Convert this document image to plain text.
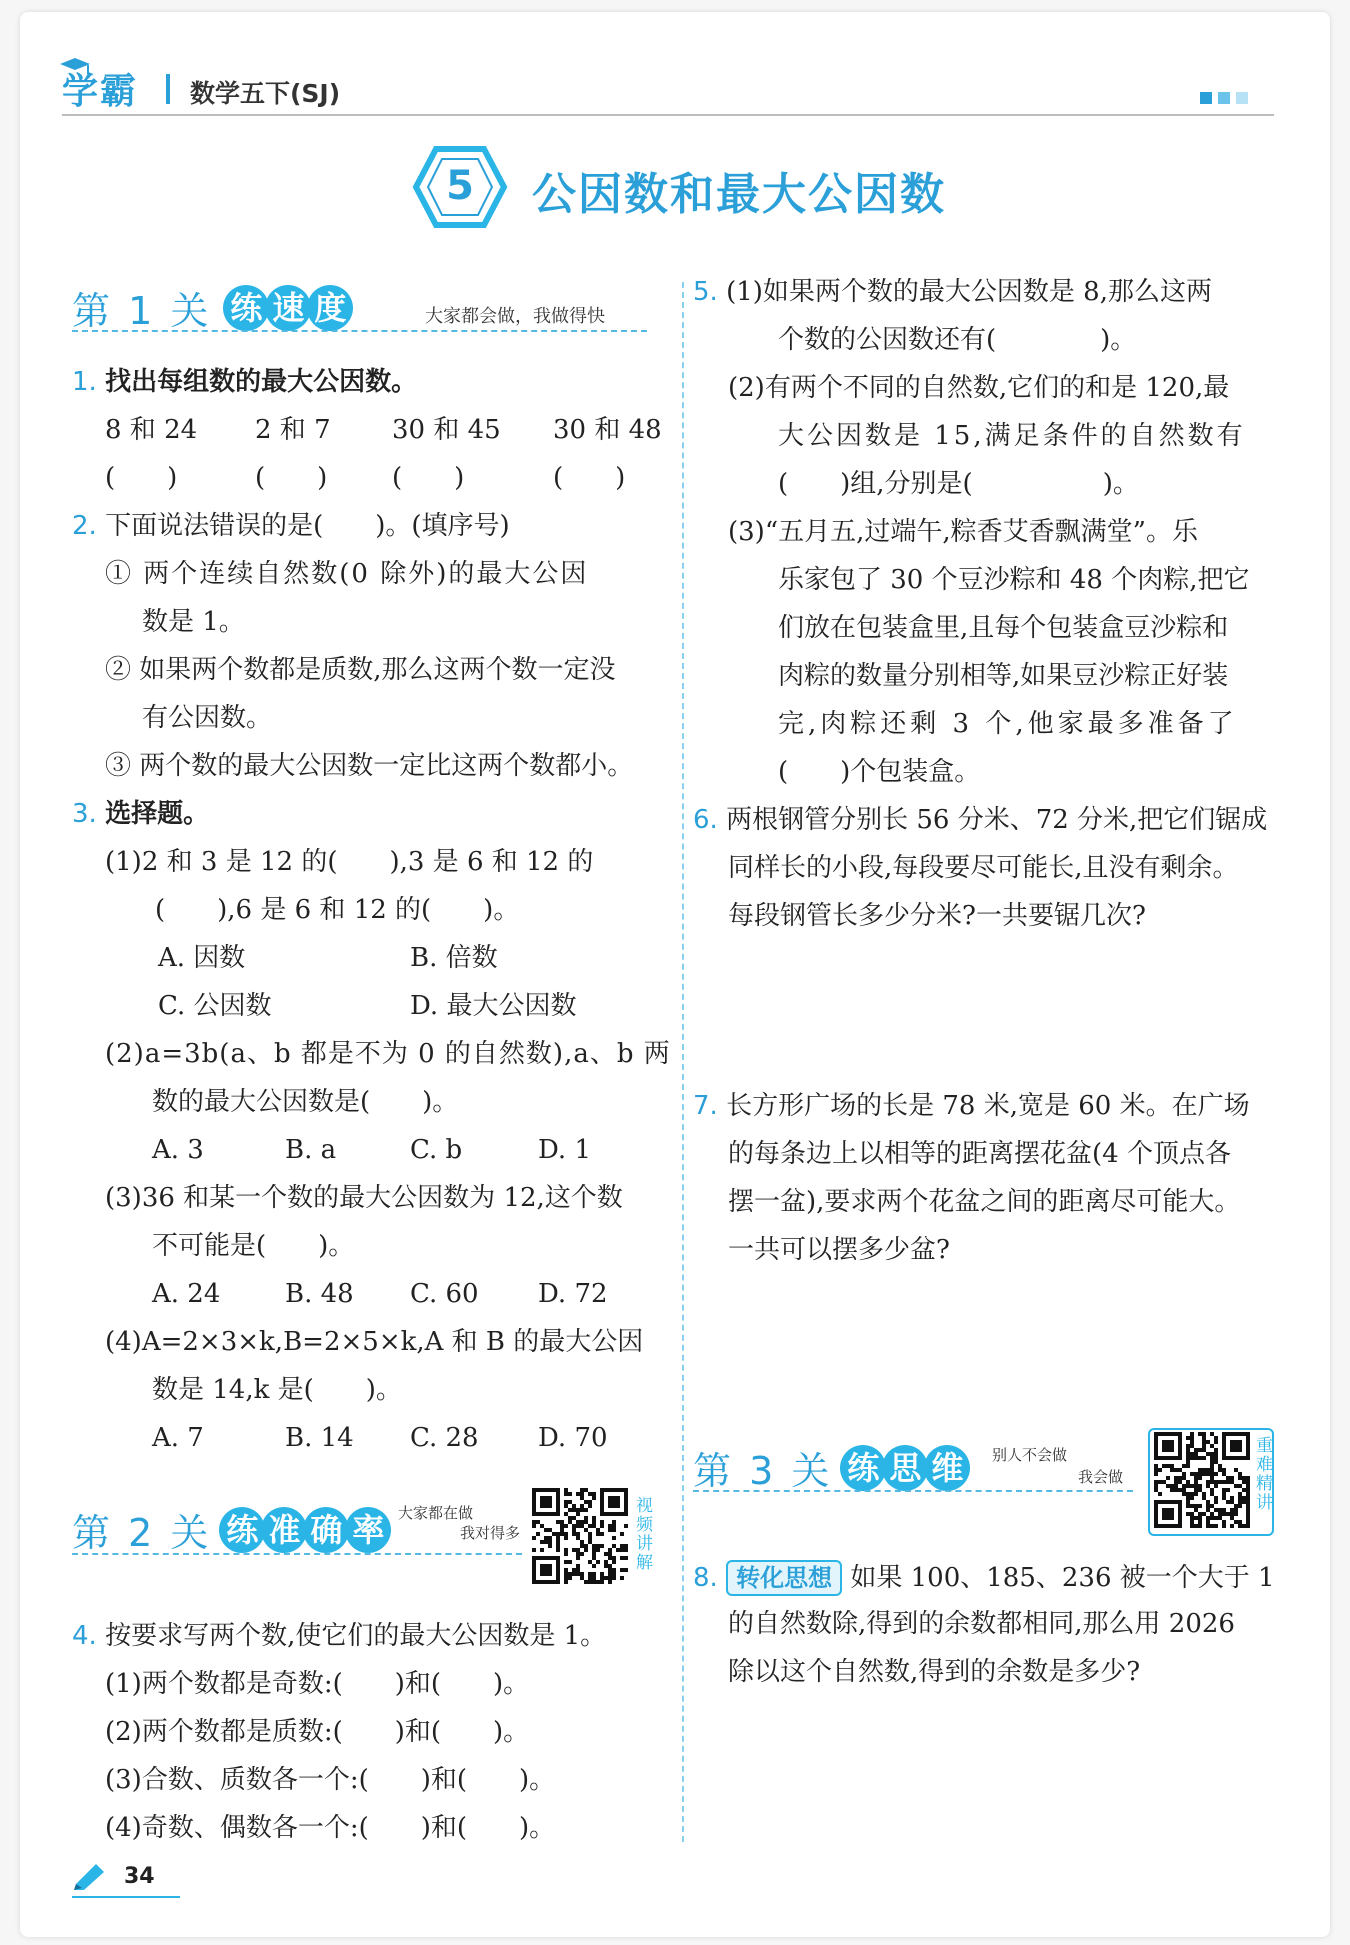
学霸 数学五下(SJ)
5	公因数和最大公因数
第 1 关 练 速 度	大家都会做，我做得快
1. 找出每组数的最大公因数。
8 和 24 2 和 7 30 和 45 30 和 48
(　　)	(　　) (　　)	(　　)
2. 下面说法错误的是(　　)。(填序号)
① 两个连续自然数(0 除外)的最大公因
数是 1。
② 如果两个数都是质数,那么这两个数一定没
有公因数。
③ 两个数的最大公因数一定比这两个数都小。
3. 选择题。
(1)2 和 3 是 12 的(　　),3 是 6 和 12 的
(　　),6 是 6 和 12 的(　　)。
A. 因数	B. 倍数
C. 公因数	D. 最大公因数
(2)a=3b(a、b 都是不为 0 的自然数),a、b 两
数的最大公因数是(　　)。
A. 3	B. a	C. b	D. 1
(3)36 和某一个数的最大公因数为 12,这个数
不可能是(　　)。
A. 24 B. 48 C. 60 D. 72
(4)A=2×3×k,B=2×5×k,A 和 B 的最大公因
数是 14,k 是(　　)。
A. 7	B. 14 C. 28 D. 70
第 2 关 练 准 确 率 大家都在做
我对得多	视频讲解
4. 按要求写两个数,使它们的最大公因数是 1。
(1)两个数都是奇数:(　　)和(　　)。
(2)两个数都是质数:(　　)和(　　)。
(3)合数、质数各一个:(　　)和(　　)。
(4)奇数、偶数各一个:(　　)和(　　)。
5. (1)如果两个数的最大公因数是 8,那么这两
个数的公因数还有(　　　　)。
(2)有两个不同的自然数,它们的和是 120,最
大公因数是 15,满足条件的自然数有
(　　)组,分别是(　　　　　)。
(3)“五月五,过端午,粽香艾香飘满堂”。乐
乐家包了 30 个豆沙粽和 48 个肉粽,把它
们放在包装盒里,且每个包装盒豆沙粽和
肉粽的数量分别相等,如果豆沙粽正好装
完,肉粽还剩 3 个,他家最多准备了
(　　)个包装盒。
6. 两根钢管分别长 56 分米、72 分米,把它们锯成
同样长的小段,每段要尽可能长,且没有剩余。
每段钢管长多少分米?一共要锯几次?
7. 长方形广场的长是 78 米,宽是 60 米。在广场
的每条边上以相等的距离摆花盆(4 个顶点各
摆一盆),要求两个花盆之间的距离尽可能大。
一共可以摆多少盆?
第 3 关 练 思 维	别人不会做
我会做	重难精讲
8. 转化思想 如果 100、185、236 被一个大于 1
的自然数除,得到的余数都相同,那么用 2026
除以这个自然数,得到的余数是多少?
34
